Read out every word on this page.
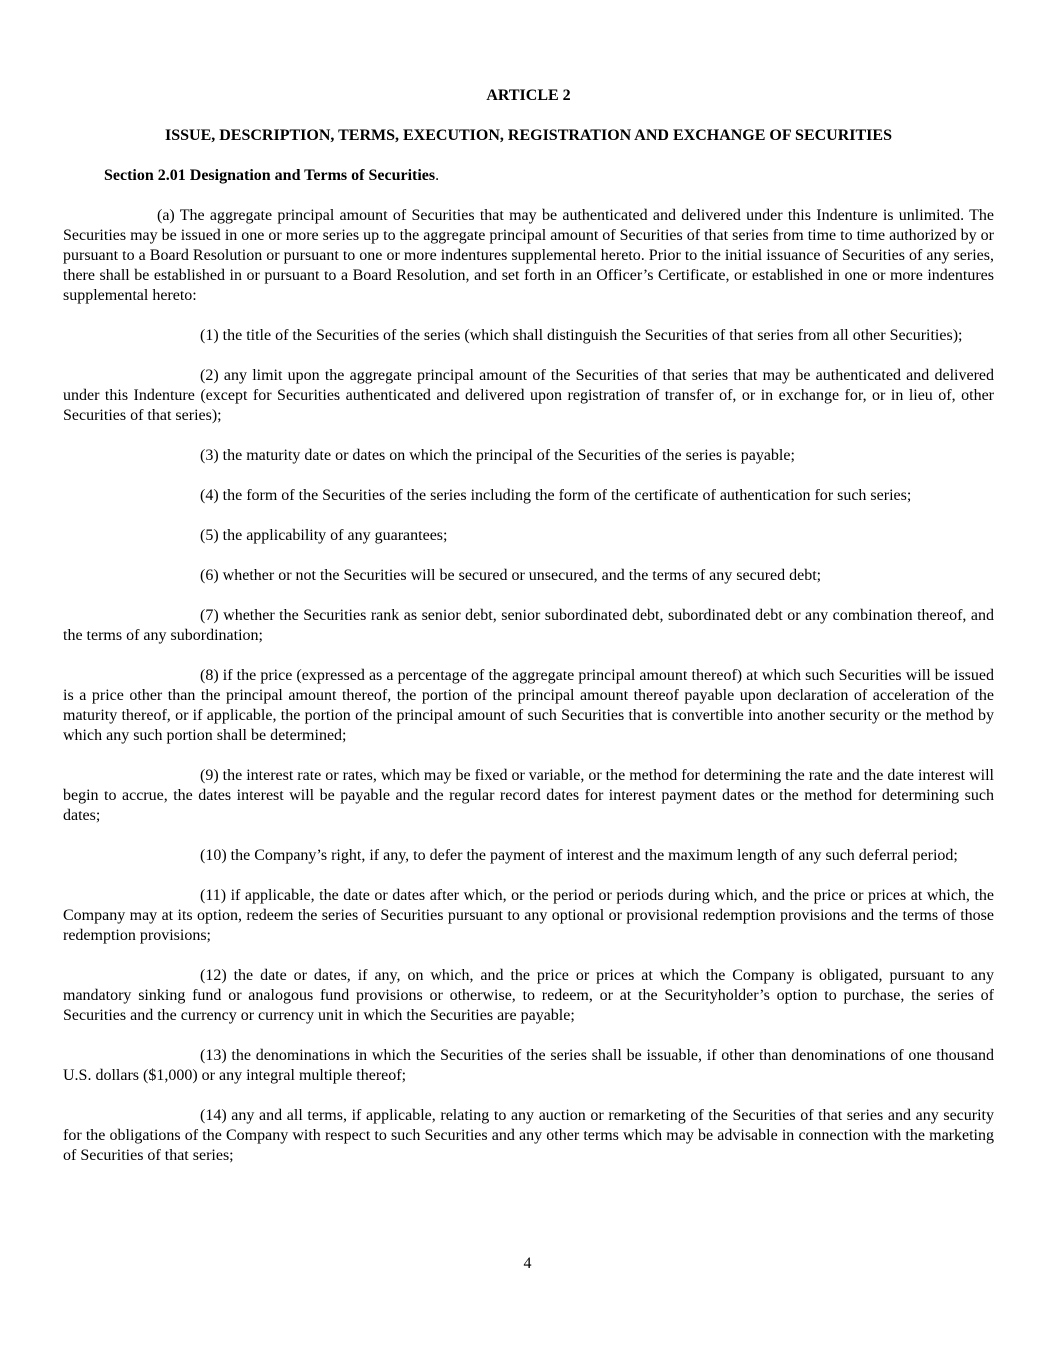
ARTICLE 2
ISSUE, DESCRIPTION, TERMS, EXECUTION, REGISTRATION AND EXCHANGE OF SECURITIES
Section 2.01 Designation and Terms of Securities.

(a) The aggregate principal amount of Securities that may be authenticated and delivered under this Indenture is unlimited. The Securities may be issued in one or more series up to the aggregate principal amount of Securities of that series from time to time authorized by or pursuant to a Board Resolution or pursuant to one or more indentures supplemental hereto. Prior to the initial issuance of Securities of any series, there shall be established in or pursuant to a Board Resolution, and set forth in an Officer’s Certificate, or established in one or more indentures supplemental hereto:

(1) the title of the Securities of the series (which shall distinguish the Securities of that series from all other Securities);

(2) any limit upon the aggregate principal amount of the Securities of that series that may be authenticated and delivered under this Indenture (except for Securities authenticated and delivered upon registration of transfer of, or in exchange for, or in lieu of, other Securities of that series);

(3) the maturity date or dates on which the principal of the Securities of the series is payable;

(4) the form of the Securities of the series including the form of the certificate of authentication for such series;

(5) the applicability of any guarantees;

(6) whether or not the Securities will be secured or unsecured, and the terms of any secured debt;

(7) whether the Securities rank as senior debt, senior subordinated debt, subordinated debt or any combination thereof, and the terms of any subordination;

(8) if the price (expressed as a percentage of the aggregate principal amount thereof) at which such Securities will be issued is a price other than the principal amount thereof, the portion of the principal amount thereof payable upon declaration of acceleration of the maturity thereof, or if applicable, the portion of the principal amount of such Securities that is convertible into another security or the method by which any such portion shall be determined;

(9) the interest rate or rates, which may be fixed or variable, or the method for determining the rate and the date interest will begin to accrue, the dates interest will be payable and the regular record dates for interest payment dates or the method for determining such dates;

(10) the Company’s right, if any, to defer the payment of interest and the maximum length of any such deferral period;

(11) if applicable, the date or dates after which, or the period or periods during which, and the price or prices at which, the Company may at its option, redeem the series of Securities pursuant to any optional or provisional redemption provisions and the terms of those redemption provisions;

(12) the date or dates, if any, on which, and the price or prices at which the Company is obligated, pursuant to any mandatory sinking fund or analogous fund provisions or otherwise, to redeem, or at the Securityholder’s option to purchase, the series of Securities and the currency or currency unit in which the Securities are payable;

(13) the denominations in which the Securities of the series shall be issuable, if other than denominations of one thousand U.S. dollars ($1,000) or any integral multiple thereof;

(14) any and all terms, if applicable, relating to any auction or remarketing of the Securities of that series and any security for the obligations of the Company with respect to such Securities and any other terms which may be advisable in connection with the marketing of Securities of that series;

4
